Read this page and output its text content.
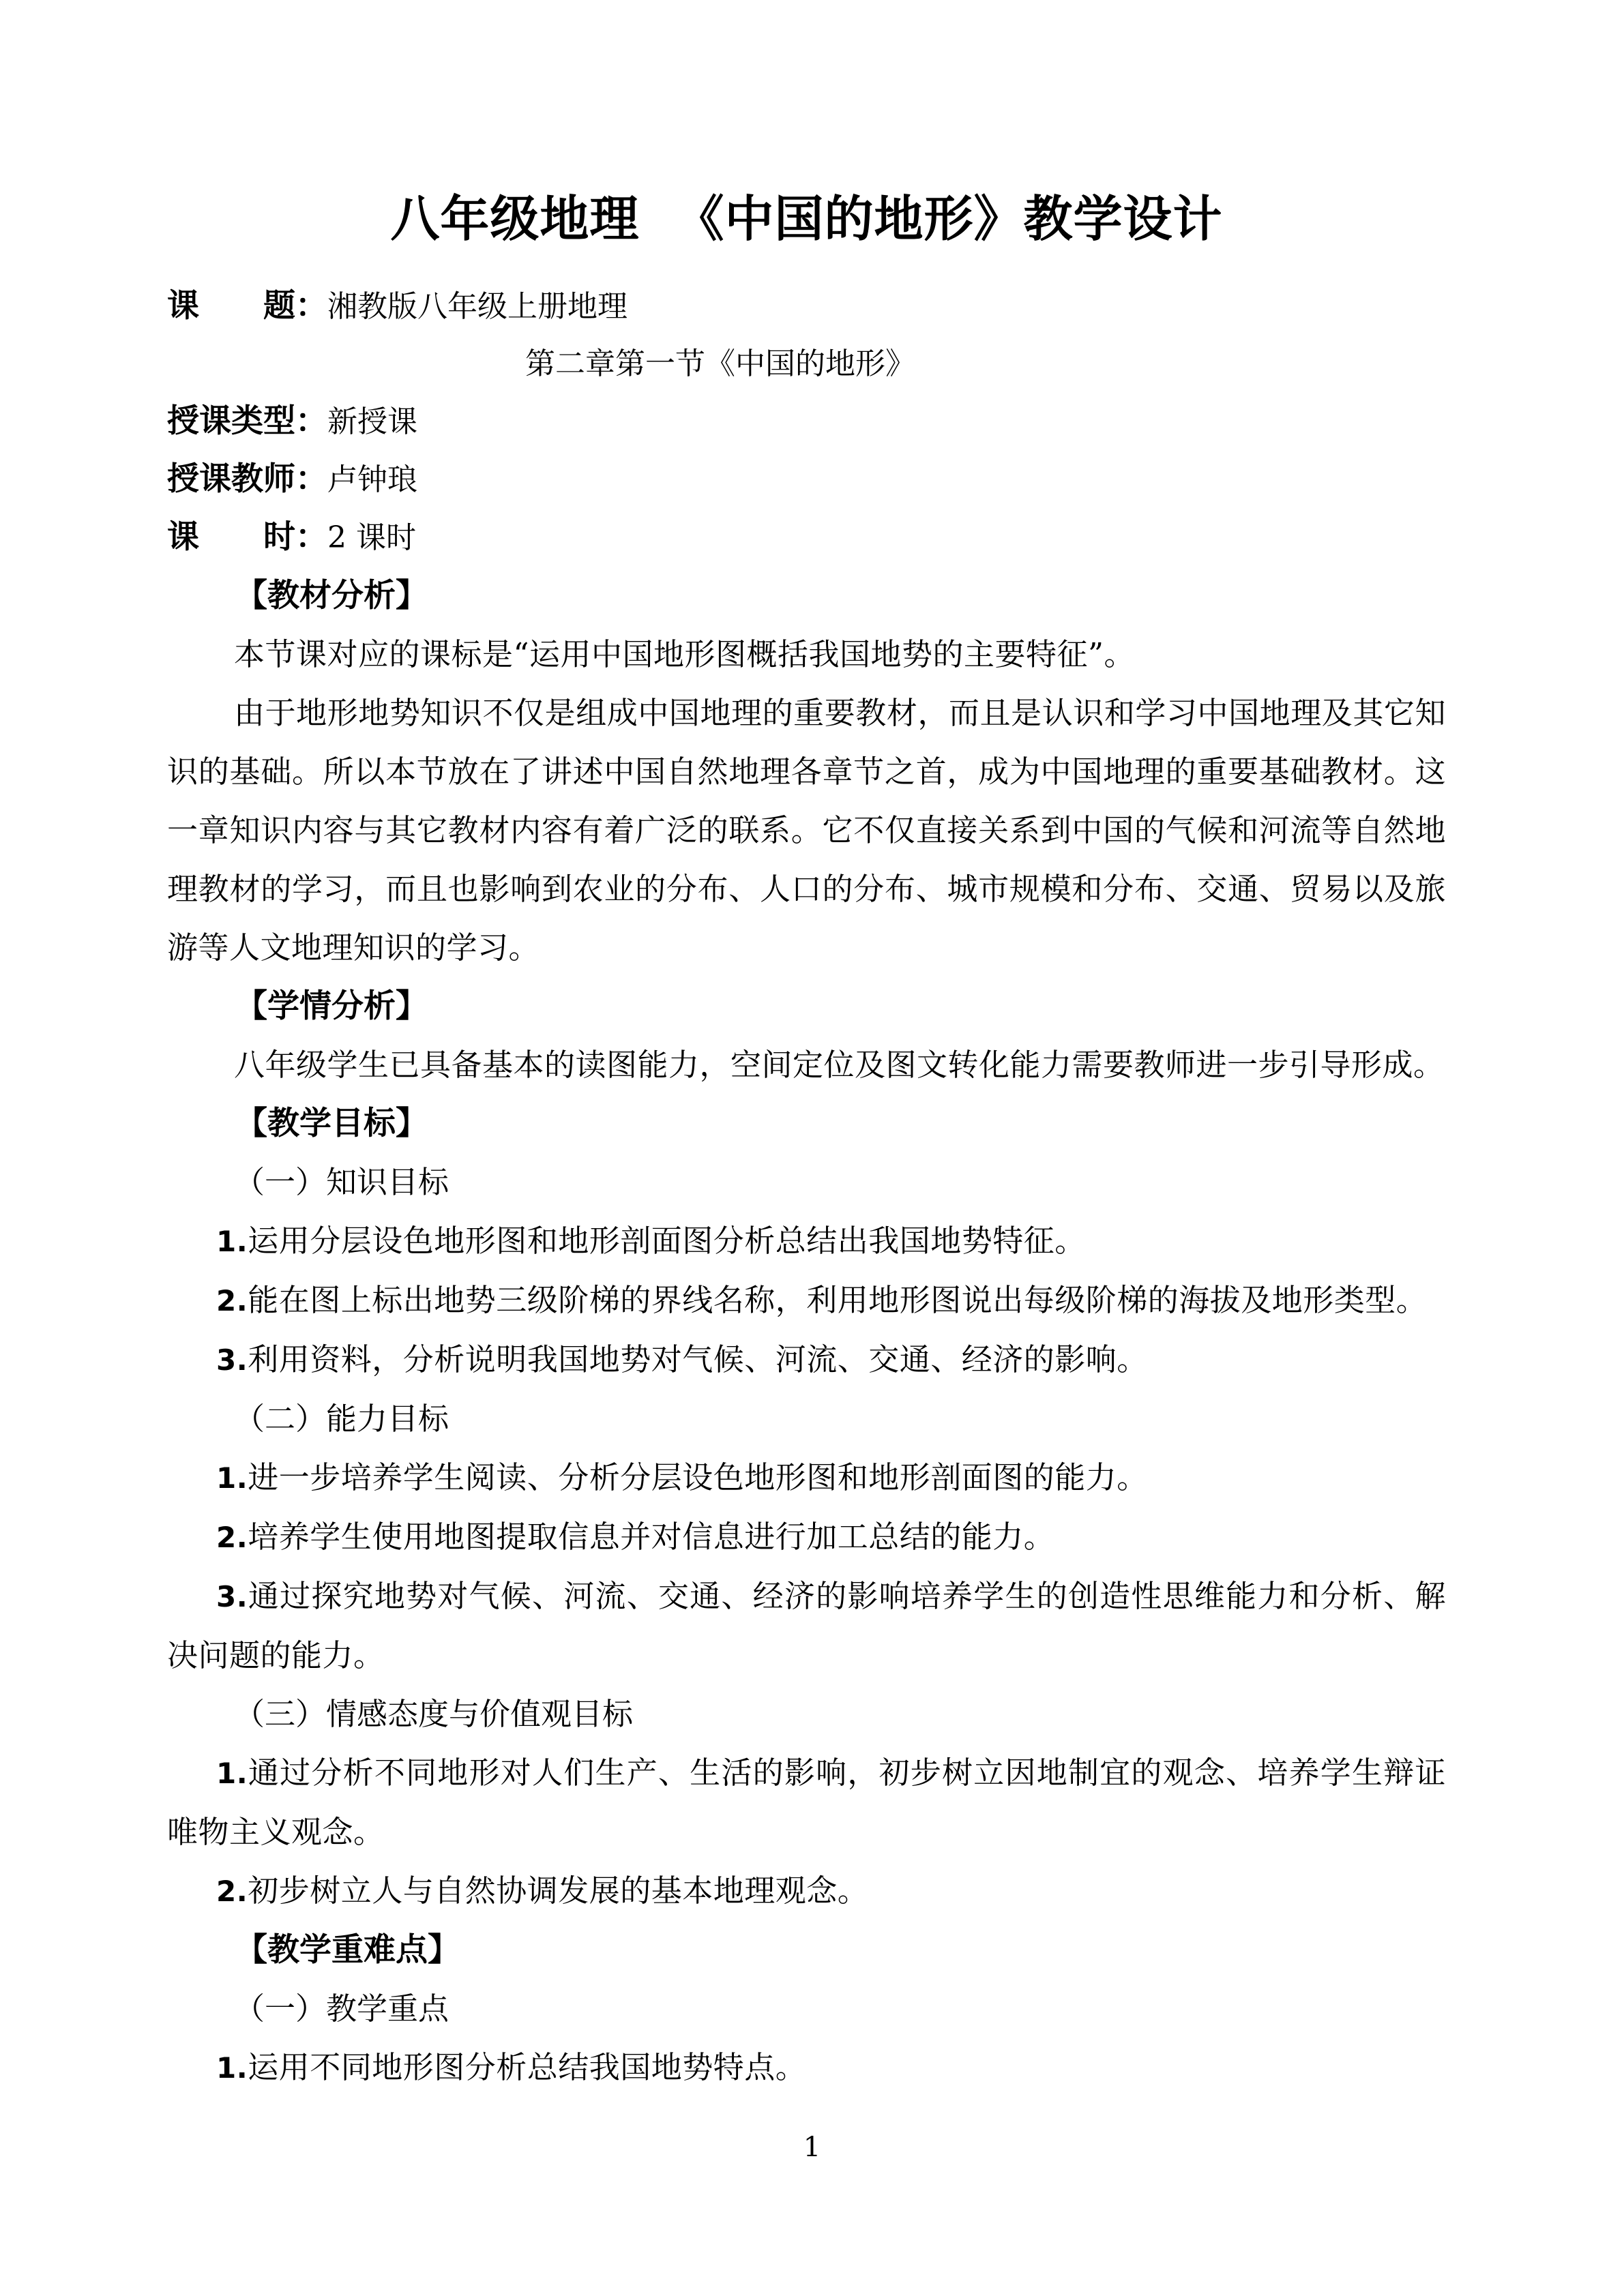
八年级地理  《中国的地形》教学设计

课　　题：湘教版八年级上册地理

第二章第一节《中国的地形》

授课类型：新授课

授课教师：卢钟琅

课　　时：2 课时

【教材分析】

本节课对应的课标是“运用中国地形图概括我国地势的主要特征”。

由于地形地势知识不仅是组成中国地理的重要教材，而且是认识和学习中国地理及其它知识的基础。所以本节放在了讲述中国自然地理各章节之首，成为中国地理的重要基础教材。这一章知识内容与其它教材内容有着广泛的联系。它不仅直接关系到中国的气候和河流等自然地理教材的学习，而且也影响到农业的分布、人口的分布、城市规模和分布、交通、贸易以及旅游等人文地理知识的学习。

【学情分析】

八年级学生已具备基本的读图能力，空间定位及图文转化能力需要教师进一步引导形成。

【教学目标】

（一）知识目标

1.运用分层设色地形图和地形剖面图分析总结出我国地势特征。

2.能在图上标出地势三级阶梯的界线名称，利用地形图说出每级阶梯的海拔及地形类型。

3.利用资料，分析说明我国地势对气候、河流、交通、经济的影响。

（二）能力目标

1.进一步培养学生阅读、分析分层设色地形图和地形剖面图的能力。

2.培养学生使用地图提取信息并对信息进行加工总结的能力。

3.通过探究地势对气候、河流、交通、经济的影响培养学生的创造性思维能力和分析、解决问题的能力。

（三）情感态度与价值观目标

1.通过分析不同地形对人们生产、生活的影响，初步树立因地制宜的观念、培养学生辩证唯物主义观念。

2.初步树立人与自然协调发展的基本地理观念。

【教学重难点】

（一）教学重点

1.运用不同地形图分析总结我国地势特点。

1
